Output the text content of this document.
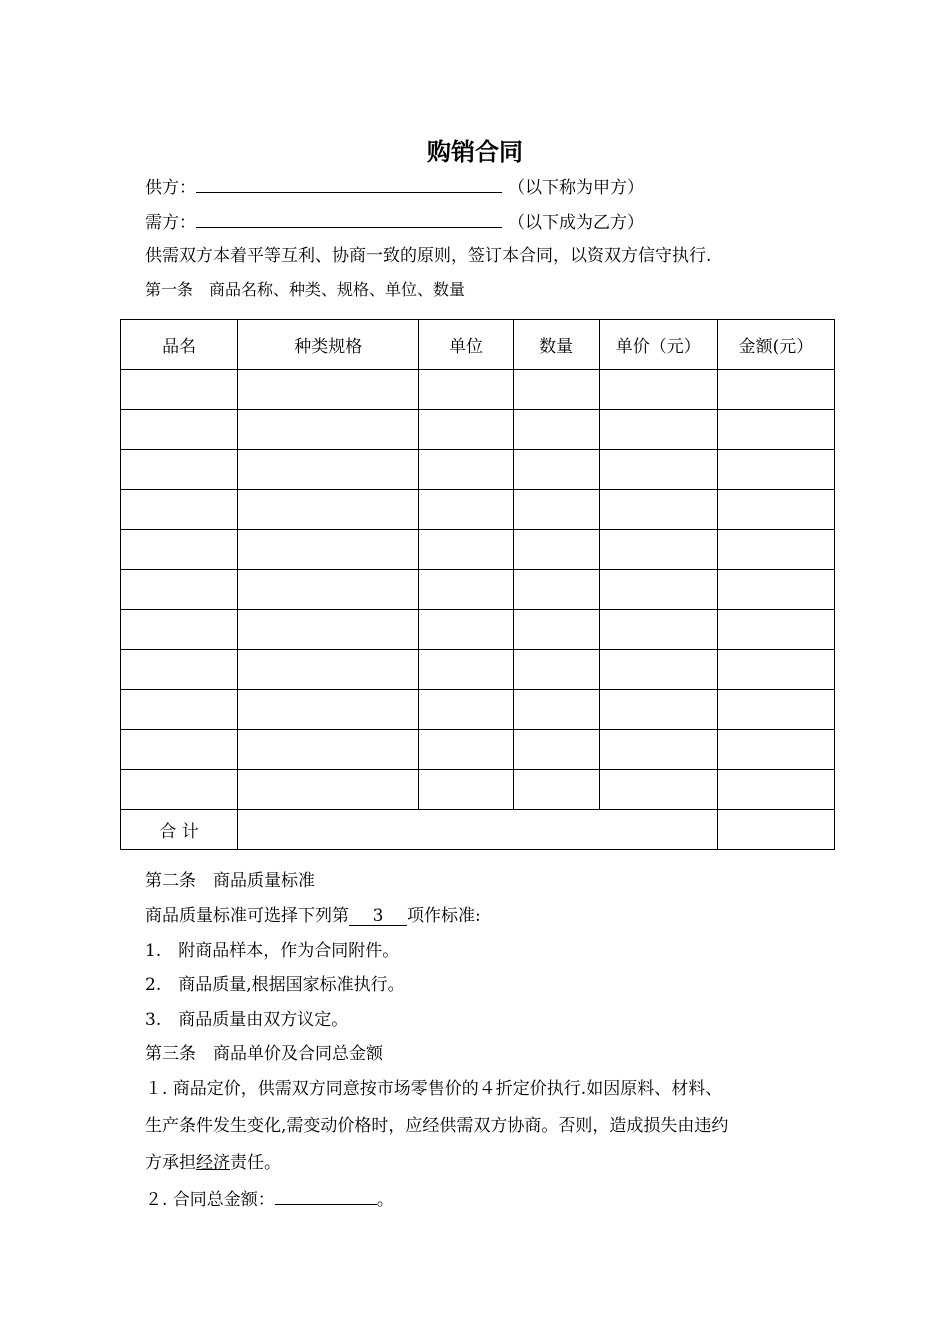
购销合同
供方：	（以下称为甲方）
需方：	（以下成为乙方）
供需双方本着平等互利、协商一致的原则，签订本合同，以资双方信守执行.
第一条　商品名称、种类、规格、单位、数量
品名	种类规格	单位	数量	单价（元）	金额(元）

合 计					
第二条　商品质量标准
商品质量标准可选择下列第 3 项作标准:
1.　附商品样本，作为合同附件。
2.　商品质量,根据国家标准执行。
3.　商品质量由双方议定。
第三条　商品单价及合同总金额
１. 商品定价，供需双方同意按市场零售价的４折定价执行.如因原料、材料、
生产条件发生变化,需变动价格时，应经供需双方协商。否则，造成损失由违约
方承担经济责任。
２. 合同总金额：	。
